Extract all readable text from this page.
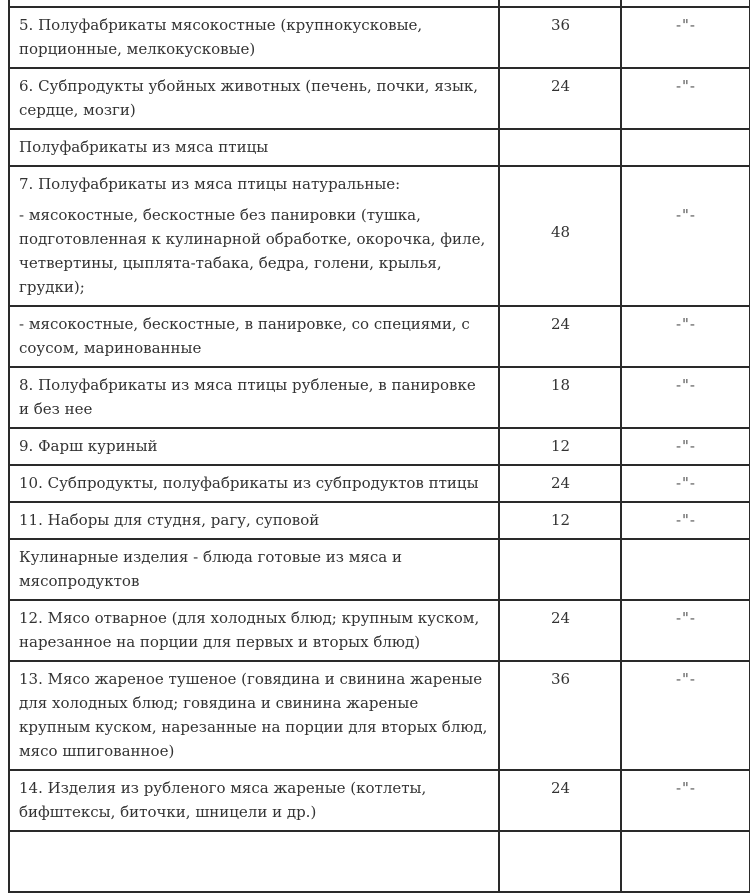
5. Полуфабрикаты мясокостные (крупнокусковые, порционные, мелкокусковые)	36	-"-
6. Субпродукты убойных животных (печень, почки, язык, сердце, мозги)	24	-"-
Полуфабрикаты из мяса птицы		

7. Полуфабрикаты из мяса птицы натуральные:
- мясокостные, бескостные без панировки (тушка, подготовленная к кулинарной обработке, окорочка, филе, четвертины, цыплята-табака, бедра, голени, крылья, грудки);	48	-"-

- мясокостные, бескостные, в панировке, со специями, с соусом, маринованные	24	-"-
8. Полуфабрикаты из мяса птицы рубленые, в панировке и без нее	18	-"-
9. Фарш куриный	12	-"-
10. Субпродукты, полуфабрикаты из субпродуктов птицы	24	-"-
11. Наборы для студня, рагу, суповой	12	-"-
Кулинарные изделия - блюда готовые из мяса и мясопродуктов		
12. Мясо отварное (для холодных блюд; крупным куском, нарезанное на порции для первых и вторых блюд)	24	-"-
13. Мясо жареное тушеное (говядина и свинина жареные для холодных блюд; говядина и свинина жареные крупным куском, нарезанные на порции для вторых блюд, мясо шпигованное)	36	-"-
14. Изделия из рубленого мяса жареные (котлеты, бифштексы, биточки, шницели и др.)	24	-"-
